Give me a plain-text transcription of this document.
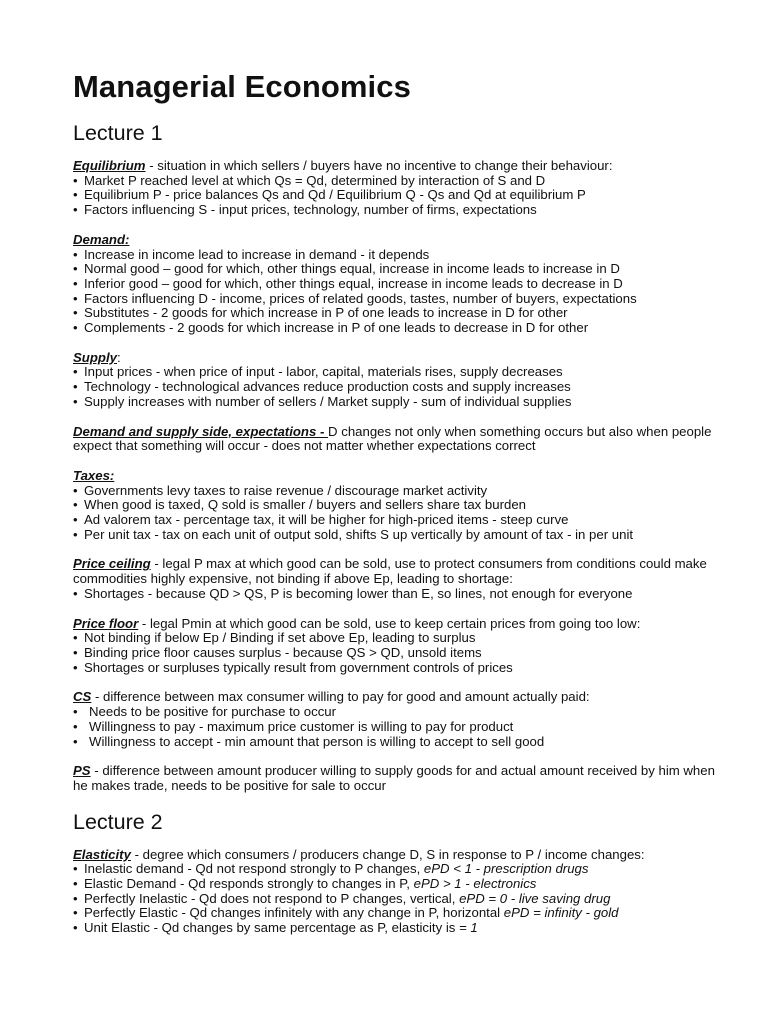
Managerial Economics
Lecture 1
Equilibrium - situation in which sellers / buyers have no incentive to change their behaviour:
• Market P reached level at which Qs = Qd, determined by interaction of S and D
• Equilibrium P - price balances Qs and Qd / Equilibrium Q - Qs and Qd at equilibrium P
• Factors influencing S - input prices, technology, number of firms, expectations
Demand:
• Increase in income lead to increase in demand - it depends
• Normal good – good for which, other things equal, increase in income leads to increase in D
• Inferior good – good for which, other things equal, increase in income leads to decrease in D
• Factors influencing D - income, prices of related goods, tastes, number of buyers, expectations
• Substitutes - 2 goods for which increase in P of one leads to increase in D for other
• Complements - 2 goods for which increase in P of one leads to decrease in D for other
Supply:
• Input prices - when price of input - labor, capital, materials rises, supply decreases
• Technology - technological advances reduce production costs and supply increases
• Supply increases with number of sellers / Market supply - sum of individual supplies
Demand and supply side, expectations - D changes not only when something occurs but also when people expect that something will occur - does not matter whether expectations correct
Taxes:
• Governments levy taxes to raise revenue / discourage market activity
• When good is taxed, Q sold is smaller / buyers and sellers share tax burden
• Ad valorem tax - percentage tax, it will be higher for high-priced items - steep curve
• Per unit tax - tax on each unit of output sold, shifts S up vertically by amount of tax - in per unit
Price ceiling - legal P max at which good can be sold, use to protect consumers from conditions could make commodities highly expensive, not binding if above Ep, leading to shortage:
• Shortages - because QD > QS, P is becoming lower than E, so lines, not enough for everyone
Price floor - legal Pmin at which good can be sold, use to keep certain prices from going too low:
• Not binding if below Ep / Binding if set above Ep, leading to surplus
• Binding price floor causes surplus - because QS > QD, unsold items
• Shortages or surpluses typically result from government controls of prices
CS - difference between max consumer willing to pay for good and amount actually paid:
• Needs to be positive for purchase to occur
• Willingness to pay - maximum price customer is willing to pay for product
• Willingness to accept - min amount that person is willing to accept to sell good
PS - difference between amount producer willing to supply goods for and actual amount received by him when he makes trade, needs to be positive for sale to occur
Lecture 2
Elasticity - degree which consumers / producers change D, S in response to P / income changes:
• Inelastic demand - Qd not respond strongly to P changes, ePD < 1 - prescription drugs
• Elastic Demand - Qd responds strongly to changes in P, ePD > 1 - electronics
• Perfectly Inelastic - Qd does not respond to P changes, vertical, ePD = 0 - live saving drug
• Perfectly Elastic - Qd changes infinitely with any change in P, horizontal ePD = infinity - gold
• Unit Elastic - Qd changes by same percentage as P, elasticity is = 1
